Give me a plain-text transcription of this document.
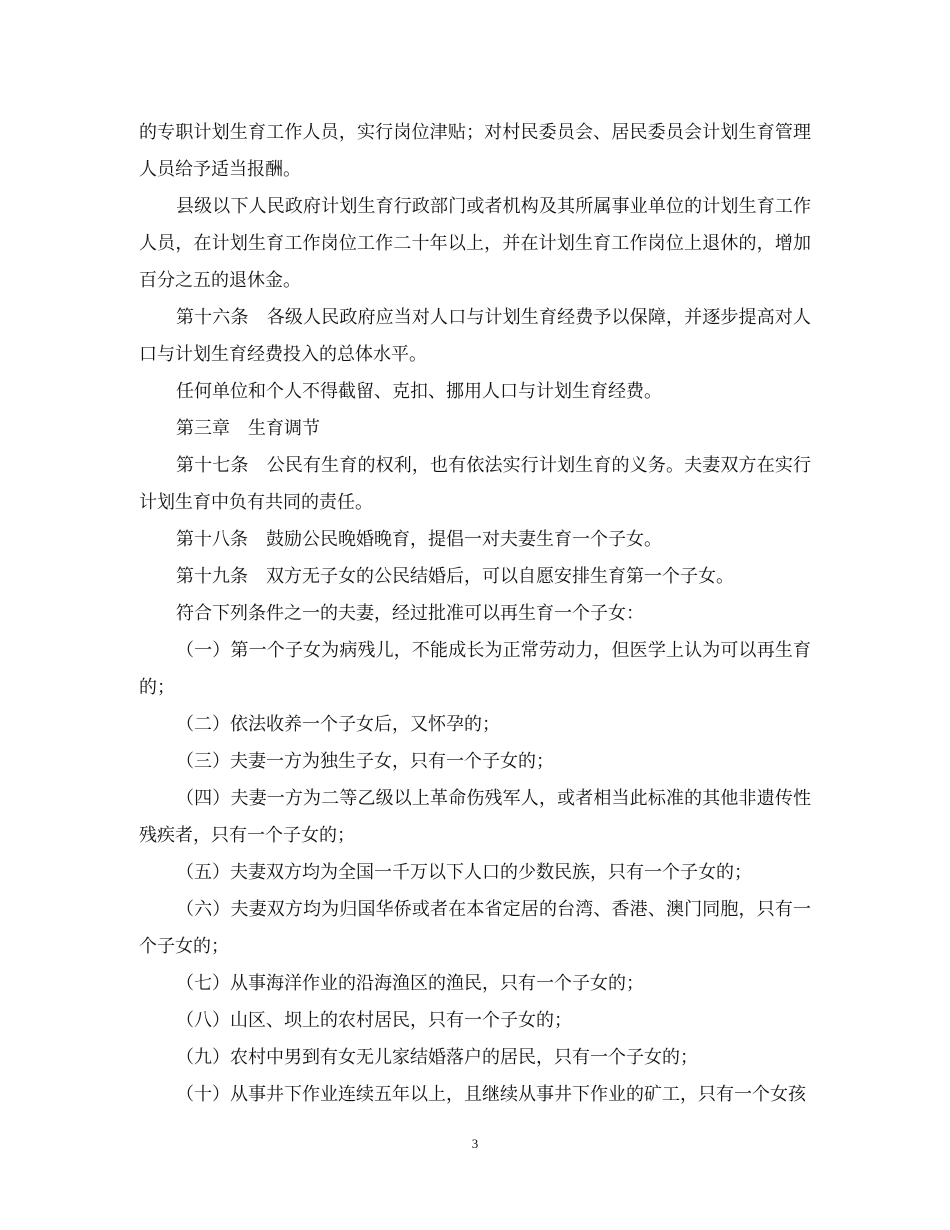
的专职计划生育工作人员，实行岗位津贴；对村民委员会、居民委员会计划生育管理人员给予适当报酬。

县级以下人民政府计划生育行政部门或者机构及其所属事业单位的计划生育工作人员，在计划生育工作岗位工作二十年以上，并在计划生育工作岗位上退休的，增加百分之五的退休金。

第十六条　各级人民政府应当对人口与计划生育经费予以保障，并逐步提高对人口与计划生育经费投入的总体水平。

任何单位和个人不得截留、克扣、挪用人口与计划生育经费。

第三章　生育调节

第十七条　公民有生育的权利，也有依法实行计划生育的义务。夫妻双方在实行计划生育中负有共同的责任。

第十八条　鼓励公民晚婚晚育，提倡一对夫妻生育一个子女。

第十九条　双方无子女的公民结婚后，可以自愿安排生育第一个子女。

符合下列条件之一的夫妻，经过批准可以再生育一个子女：

（一）第一个子女为病残儿，不能成长为正常劳动力，但医学上认为可以再生育的；

（二）依法收养一个子女后，又怀孕的；

（三）夫妻一方为独生子女，只有一个子女的；

（四）夫妻一方为二等乙级以上革命伤残军人，或者相当此标准的其他非遗传性残疾者，只有一个子女的；

（五）夫妻双方均为全国一千万以下人口的少数民族，只有一个子女的；

（六）夫妻双方均为归国华侨或者在本省定居的台湾、香港、澳门同胞，只有一个子女的；

（七）从事海洋作业的沿海渔区的渔民，只有一个子女的；

（八）山区、坝上的农村居民，只有一个子女的；

（九）农村中男到有女无儿家结婚落户的居民，只有一个子女的；

（十）从事井下作业连续五年以上，且继续从事井下作业的矿工，只有一个女孩

3
